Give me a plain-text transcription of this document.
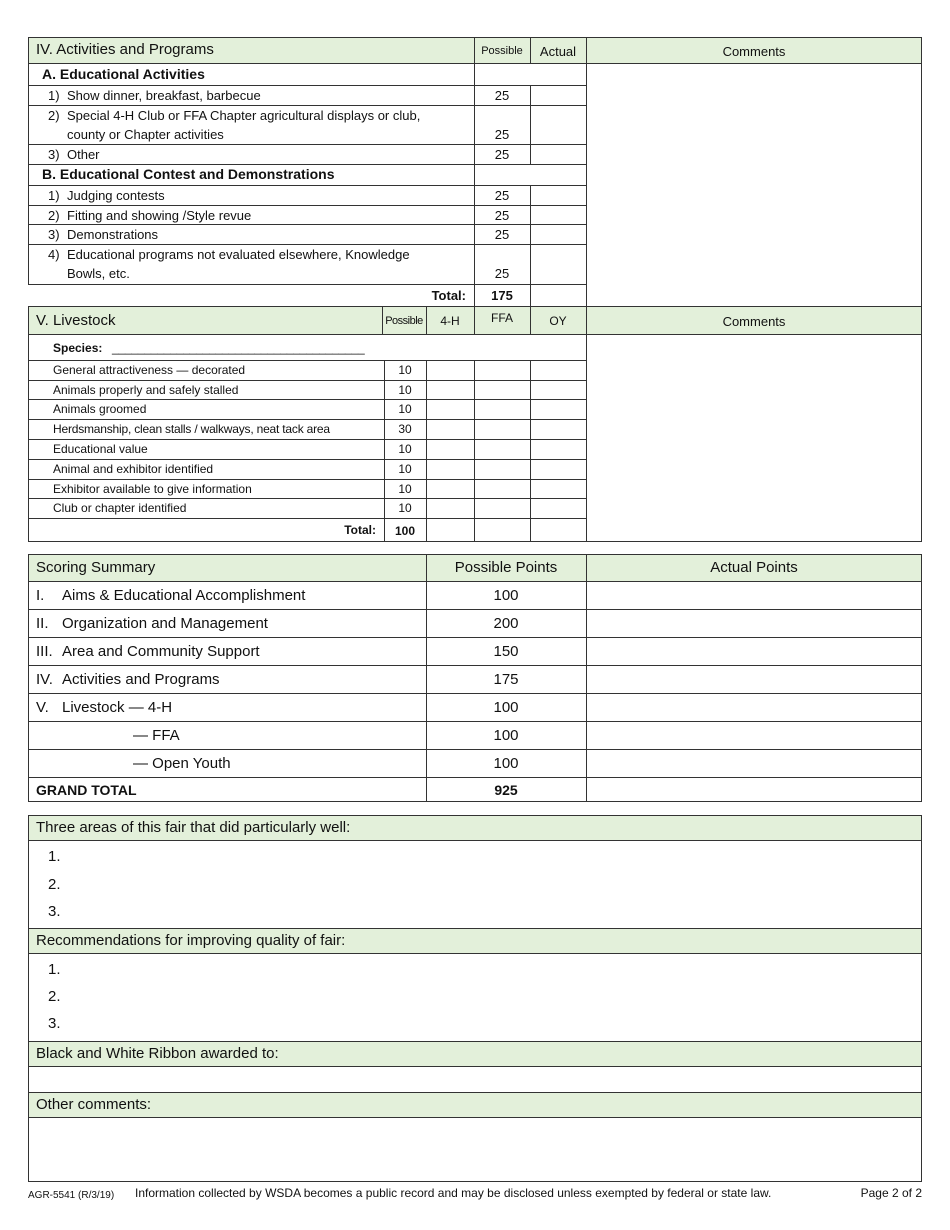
IV. Activities and Programs	Possible	Actual	Comments
A. Educational Activities
1) Show dinner, breakfast, barbecue	25
2) Special 4-H Club or FFA Chapter agricultural displays or club,
county or Chapter activities	25
3) Other	25
B. Educational Contest and Demonstrations
1) Judging contests	25
2) Fitting and showing /Style revue	25
3) Demonstrations	25
4) Educational programs not evaluated elsewhere, Knowledge
Bowls, etc.	25
Total:	175
V. Livestock	Possible	4-H	FFA	OY	Comments
Species: _______________________________________
General attractiveness — decorated	10
Animals properly and safely stalled	10
Animals groomed	10
Herdsmanship, clean stalls / walkways, neat tack area	30
Educational value	10
Animal and exhibitor identified	10
Exhibitor available to give information	10
Club or chapter identified	10
Total:	100
Scoring Summary	Possible Points	Actual Points
I. Aims & Educational Accomplishment	100
II. Organization and Management	200
III. Area and Community Support	150
IV. Activities and Programs	175
V. Livestock — 4-H	100
— FFA	100
— Open Youth	100
GRAND TOTAL	925
Three areas of this fair that did particularly well:
1.
2.
3.
Recommendations for improving quality of fair:
1.
2.
3.
Black and White Ribbon awarded to:
Other comments:
AGR-5541 (R/3/19) Information collected by WSDA becomes a public record and may be disclosed unless exempted by federal or state law.	Page 2 of 2
